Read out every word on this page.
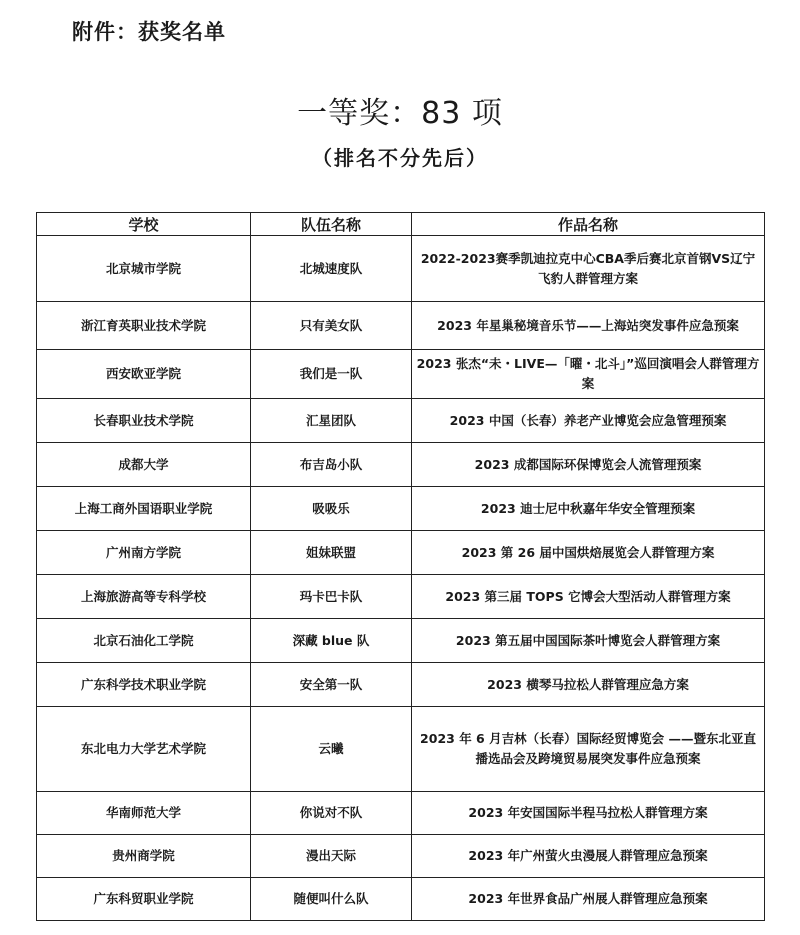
附件：获奖名单
一等奖：83 项
（排名不分先后）
学校	队伍名称	作品名称
北京城市学院	北城速度队	2022-2023赛季凯迪拉克中心CBA季后赛北京首钢VS辽宁飞豹人群管理方案
浙江育英职业技术学院	只有美女队	2023 年星巢秘境音乐节——上海站突发事件应急预案
西安欧亚学院	我们是一队	2023 张杰“未・LIVE—「曜・北斗」”巡回演唱会人群管理方案
长春职业技术学院	汇星团队	2023 中国（长春）养老产业博览会应急管理预案
成都大学	布吉岛小队	2023 成都国际环保博览会人流管理预案
上海工商外国语职业学院	吸吸乐	2023 迪士尼中秋嘉年华安全管理预案
广州南方学院	姐妹联盟	2023 第 26 届中国烘焙展览会人群管理方案
上海旅游高等专科学校	玛卡巴卡队	2023 第三届 TOPS 它博会大型活动人群管理方案
北京石油化工学院	深藏 blue 队	2023 第五届中国国际茶叶博览会人群管理方案
广东科学技术职业学院	安全第一队	2023 横琴马拉松人群管理应急方案
东北电力大学艺术学院	云曦	2023 年 6 月吉林（长春）国际经贸博览会 ——暨东北亚直播选品会及跨境贸易展突发事件应急预案
华南师范大学	你说对不队	2023 年安国国际半程马拉松人群管理方案
贵州商学院	漫出天际	2023 年广州萤火虫漫展人群管理应急预案
广东科贸职业学院	随便叫什么队	2023 年世界食品广州展人群管理应急预案
